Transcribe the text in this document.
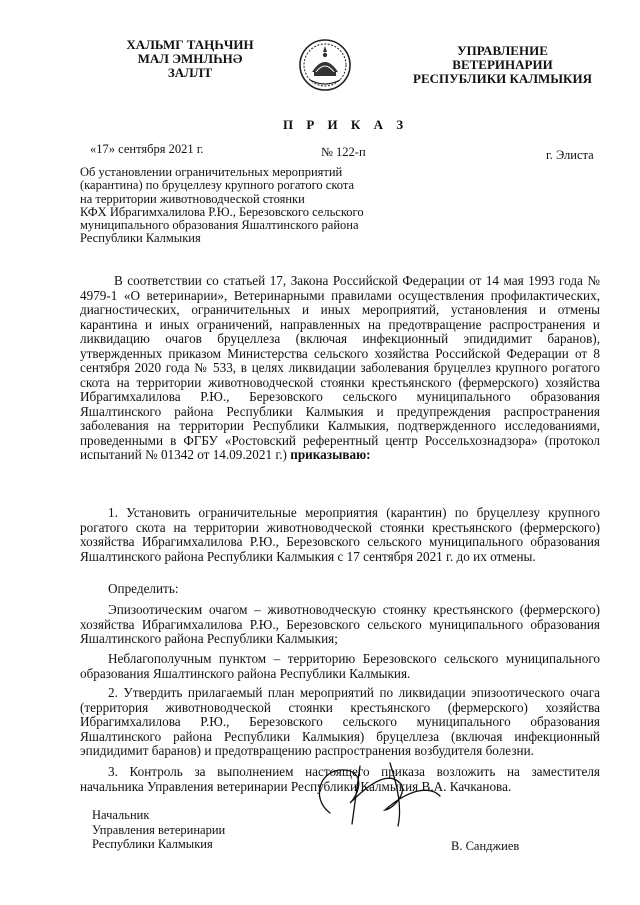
ХАЛЬМГ ТАҢҺЧИН
МАЛ ЭМНЛҺНӘ
ЗАЛЛТ
УПРАВЛЕНИЕ
ВЕТЕРИНАРИИ
РЕСПУБЛИКИ КАЛМЫКИЯ
П Р И К А З
«17» сентября 2021 г.	№ 122-п	г. Элиста
Об установлении ограничительных мероприятий
(карантина) по бруцеллезу крупного рогатого скота
на территории животноводческой стоянки
КФХ Ибрагимхалилова Р.Ю., Березовского сельского
муниципального образования Яшалтинского района
Республики Калмыкия
В соответствии со статьей 17, Закона Российской Федерации от 14 мая 1993 года № 4979-1 «О ветеринарии», Ветеринарными правилами осуществления профилактических, диагностических, ограничительных и иных мероприятий, установления и отмены карантина и иных ограничений, направленных на предотвращение распространения и ликвидацию очагов бруцеллеза (включая инфекционный эпидидимит баранов), утвержденных приказом Министерства сельского хозяйства Российской Федерации от 8 сентября 2020 года № 533, в целях ликвидации заболевания бруцеллез крупного рогатого скота на территории животноводческой стоянки крестьянского (фермерского) хозяйства Ибрагимхалилова Р.Ю., Березовского сельского муниципального образования Яшалтинского района Республики Калмыкия и предупреждения распространения заболевания на территории Республики Калмыкия, подтвержденного исследованиями, проведенными в ФГБУ «Ростовский референтный центр Россельхознадзора» (протокол испытаний № 01342 от 14.09.2021 г.) приказываю:
1. Установить ограничительные мероприятия (карантин) по бруцеллезу крупного рогатого скота на территории животноводческой стоянки крестьянского (фермерского) хозяйства Ибрагимхалилова Р.Ю., Березовского сельского муниципального образования Яшалтинского района Республики Калмыкия с 17 сентября 2021 г. до их отмены.
Определить:
Эпизоотическим очагом – животноводческую стоянку крестьянского (фермерского) хозяйства Ибрагимхалилова Р.Ю., Березовского сельского муниципального образования Яшалтинского района Республики Калмыкия;
Неблагополучным пунктом – территорию Березовского сельского муниципального образования Яшалтинского района Республики Калмыкия.
2. Утвердить прилагаемый план мероприятий по ликвидации эпизоотического очага (территория животноводческой стоянки крестьянского (фермерского) хозяйства Ибрагимхалилова Р.Ю., Березовского сельского муниципального образования Яшалтинского района Республики Калмыкия) бруцеллеза (включая инфекционный эпидидимит баранов) и предотвращению распространения возбудителя болезни.
3. Контроль за выполнением настоящего приказа возложить на заместителя начальника Управления ветеринарии Республики Калмыкия В.А. Качканова.
Начальник
Управления ветеринарии
Республики Калмыкия	В. Санджиев
